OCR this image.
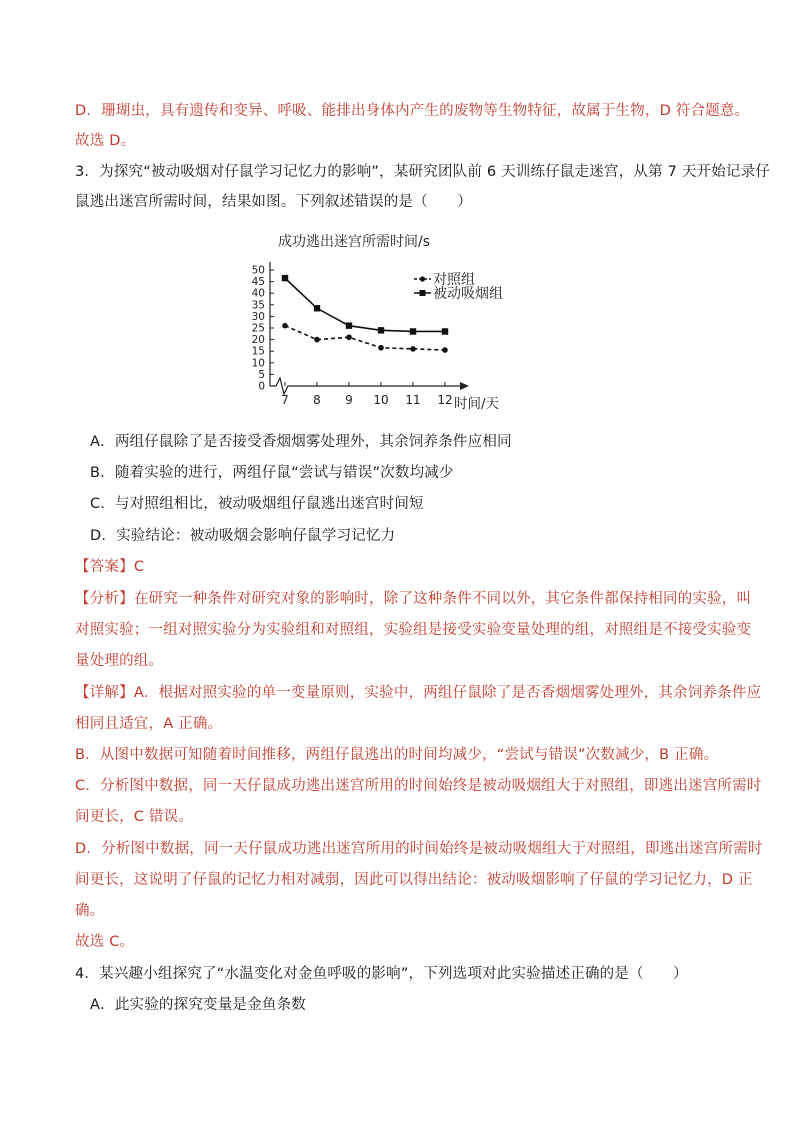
D．珊瑚虫，具有遗传和变异、呼吸、能排出身体内产生的废物等生物特征，故属于生物，D 符合题意。
故选 D。
3．为探究“被动吸烟对仔鼠学习记忆力的影响”，某研究团队前 6 天训练仔鼠走迷宫，从第 7 天开始记录仔
鼠逃出迷宫所需时间，结果如图。下列叙述错误的是（　　）
成功逃出迷宫所需时间/s
0
5
10
15
20
25
30
35
40
45
50
7 8 9 10 11 12 时间/天
对照组
被动吸烟组
A．两组仔鼠除了是否接受香烟烟雾处理外，其余饲养条件应相同
B．随着实验的进行，两组仔鼠“尝试与错误”次数均减少
C．与对照组相比，被动吸烟组仔鼠逃出迷宫时间短
D．实验结论：被动吸烟会影响仔鼠学习记忆力
【答案】C
【分析】在研究一种条件对研究对象的影响时，除了这种条件不同以外，其它条件都保持相同的实验，叫
对照实验；一组对照实验分为实验组和对照组，实验组是接受实验变量处理的组，对照组是不接受实验变
量处理的组。
【详解】A．根据对照实验的单一变量原则，实验中，两组仔鼠除了是否香烟烟雾处理外，其余饲养条件应
相同且适宜，A 正确。
B．从图中数据可知随着时间推移，两组仔鼠逃出的时间均减少，“尝试与错误”次数减少，B 正确。
C．分析图中数据，同一天仔鼠成功逃出迷宫所用的时间始终是被动吸烟组大于对照组，即逃出迷宫所需时
间更长，C 错误。
D．分析图中数据，同一天仔鼠成功逃出迷宫所用的时间始终是被动吸烟组大于对照组，即逃出迷宫所需时
间更长，这说明了仔鼠的记忆力相对减弱，因此可以得出结论：被动吸烟影响了仔鼠的学习记忆力，D 正
确。
故选 C。
4．某兴趣小组探究了“水温变化对金鱼呼吸的影响”，下列选项对此实验描述正确的是（　　）
A．此实验的探究变量是金鱼条数
